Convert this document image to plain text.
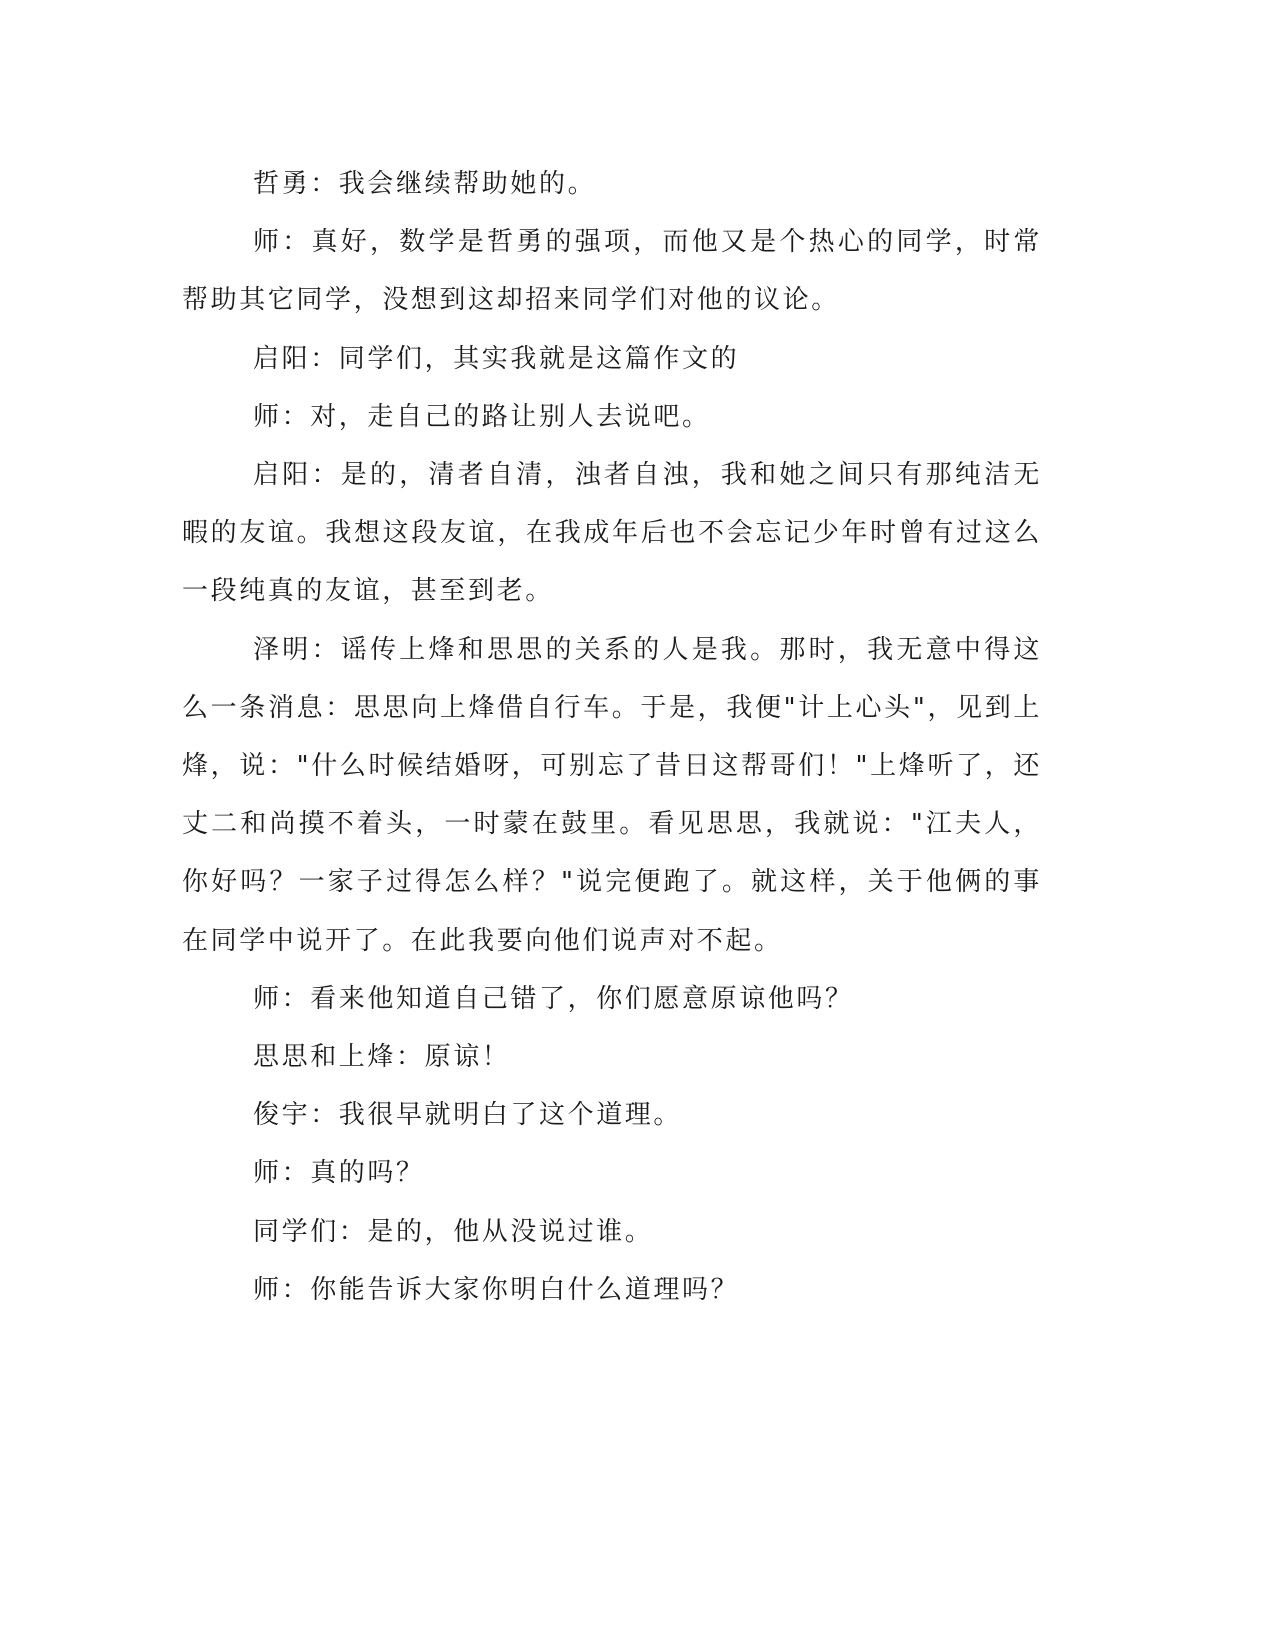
哲勇：我会继续帮助她的。

师：真好，数学是哲勇的强项，而他又是个热心的同学，时常帮助其它同学，没想到这却招来同学们对他的议论。

启阳：同学们，其实我就是这篇作文的

师：对，走自己的路让别人去说吧。

启阳：是的，清者自清，浊者自浊，我和她之间只有那纯洁无暇的友谊。我想这段友谊，在我成年后也不会忘记少年时曾有过这么一段纯真的友谊，甚至到老。

泽明：谣传上烽和思思的关系的人是我。那时，我无意中得这么一条消息：思思向上烽借自行车。于是，我便"计上心头"，见到上烽，说："什么时候结婚呀，可别忘了昔日这帮哥们！"上烽听了，还丈二和尚摸不着头，一时蒙在鼓里。看见思思，我就说："江夫人，你好吗？一家子过得怎么样？"说完便跑了。就这样，关于他俩的事在同学中说开了。在此我要向他们说声对不起。

师：看来他知道自己错了，你们愿意原谅他吗？

思思和上烽：原谅！

俊宇：我很早就明白了这个道理。

师：真的吗？

同学们：是的，他从没说过谁。

师：你能告诉大家你明白什么道理吗？
